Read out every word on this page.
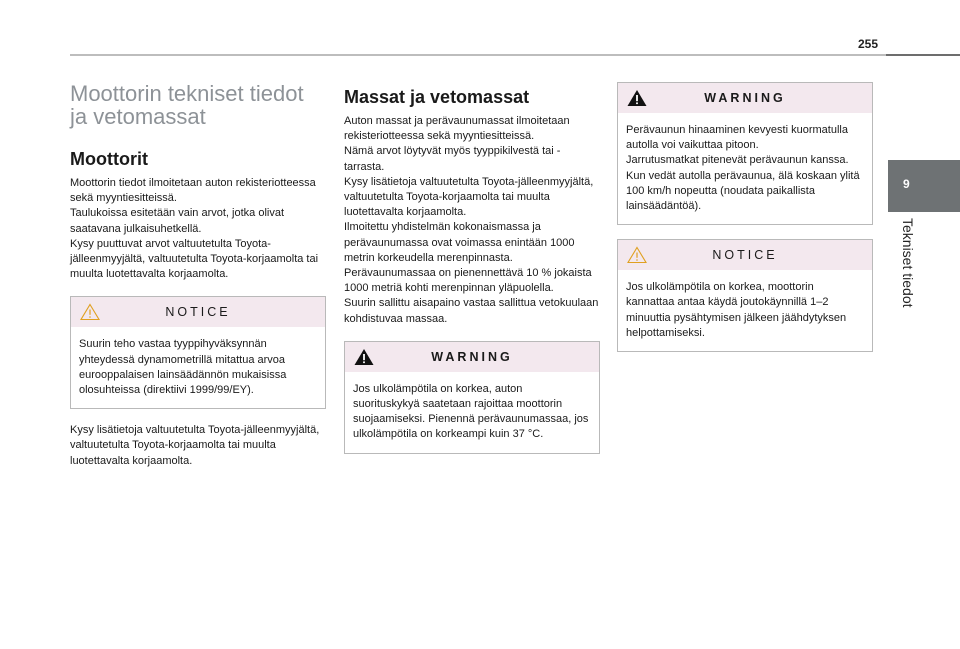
255
9
Tekniset tiedot
Moottorin tekniset tiedot ja vetomassat
Moottorit

Moottorin tiedot ilmoitetaan auton rekisteriotteessa sekä myyntiesitteissä.

Taulukoissa esitetään vain arvot, jotka olivat saatavana julkaisuhetkellä.

Kysy puuttuvat arvot valtuutetulta Toyota-jälleenmyyjältä, valtuutetulta Toyota-korjaamolta tai muulta luotettavalta korjaamolta.

NOTICE
Suurin teho vastaa tyyppihyväksynnän yhteydessä dynamometrillä mitattua arvoa eurooppalaisen lainsäädännön mukaisissa olosuhteissa (direktiivi 1999/99/EY).

Kysy lisätietoja valtuutetulta Toyota-jälleenmyyjältä, valtuutetulta Toyota-korjaamolta tai muulta luotettavalta korjaamolta.

Massat ja vetomassat

Auton massat ja perävaunumassat ilmoitetaan rekisteriotteessa sekä myyntiesitteissä.

Nämä arvot löytyvät myös tyyppikilvestä tai -tarrasta.

Kysy lisätietoja valtuutetulta Toyota-jälleenmyyjältä, valtuutetulta Toyota-korjaamolta tai muulta luotettavalta korjaamolta.

Ilmoitettu yhdistelmän kokonaismassa ja perävaunumassa ovat voimassa enintään 1000 metrin korkeudella merenpinnasta. Perävaunumassaa on pienennettävä 10 % jokaista 1000 metriä kohti merenpinnan yläpuolella.

Suurin sallittu aisapaino vastaa sallittua vetokuulaan kohdistuvaa massaa.

WARNING
Jos ulkolämpötila on korkea, auton suorituskykyä saatetaan rajoittaa moottorin suojaamiseksi. Pienennä perävaunumassaa, jos ulkolämpötila on korkeampi kuin 37 °C.
WARNING
Perävaunun hinaaminen kevyesti kuormatulla autolla voi vaikuttaa pitoon.
Jarrutusmatkat pitenevät perävaunun kanssa.
Kun vedät autolla perävaunua, älä koskaan ylitä 100 km/h nopeutta (noudata paikallista lainsäädäntöä).
NOTICE
Jos ulkolämpötila on korkea, moottorin kannattaa antaa käydä joutokäynnillä 1–2 minuuttia pysähtymisen jälkeen jäähdytyksen helpottamiseksi.
